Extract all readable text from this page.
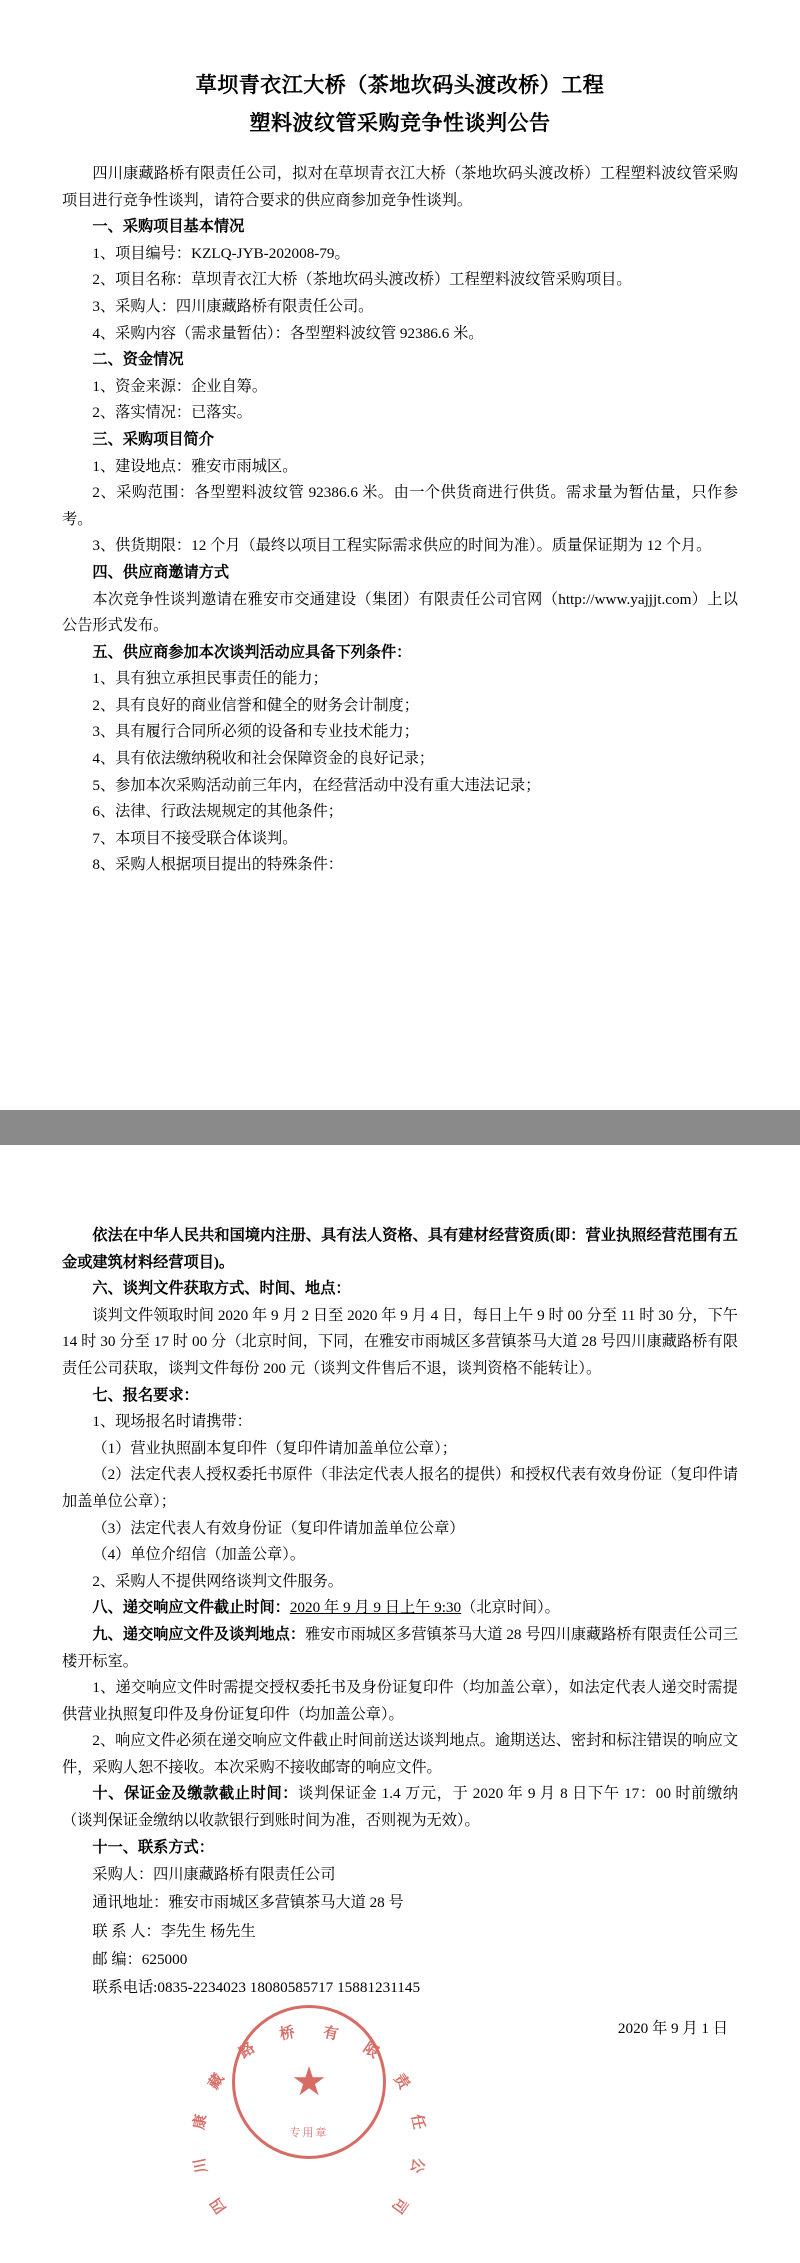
草坝青衣江大桥（茶地坎码头渡改桥）工程
塑料波纹管采购竞争性谈判公告

四川康藏路桥有限责任公司，拟对在草坝青衣江大桥（茶地坎码头渡改桥）工程塑料波纹管采购项目进行竞争性谈判，请符合要求的供应商参加竞争性谈判。

一、采购项目基本情况

1、项目编号：KZLQ-JYB-202008-79。

2、项目名称：草坝青衣江大桥（茶地坎码头渡改桥）工程塑料波纹管采购项目。

3、采购人：四川康藏路桥有限责任公司。

4、采购内容（需求量暂估）：各型塑料波纹管 92386.6 米。

二、资金情况

1、资金来源：企业自筹。

2、落实情况：已落实。

三、采购项目简介

1、建设地点：雅安市雨城区。

2、采购范围：各型塑料波纹管 92386.6 米。由一个供货商进行供货。需求量为暂估量，只作参考。

3、供货期限：12 个月（最终以项目工程实际需求供应的时间为准）。质量保证期为 12 个月。

四、供应商邀请方式

本次竞争性谈判邀请在雅安市交通建设（集团）有限责任公司官网（http://www.yajjjt.com）上以公告形式发布。

五、供应商参加本次谈判活动应具备下列条件：

1、具有独立承担民事责任的能力；

2、具有良好的商业信誉和健全的财务会计制度；

3、具有履行合同所必须的设备和专业技术能力；

4、具有依法缴纳税收和社会保障资金的良好记录；

5、参加本次采购活动前三年内，在经营活动中没有重大违法记录；

6、法律、行政法规规定的其他条件；

7、本项目不接受联合体谈判。

8、采购人根据项目提出的特殊条件：

依法在中华人民共和国境内注册、具有法人资格、具有建材经营资质(即：营业执照经营范围有五金或建筑材料经营项目)。

六、谈判文件获取方式、时间、地点：

谈判文件领取时间 2020 年 9 月 2 日至 2020 年 9 月 4 日，每日上午 9 时 00 分至 11 时 30 分，下午 14 时 30 分至 17 时 00 分（北京时间，下同，在雅安市雨城区多营镇茶马大道 28 号四川康藏路桥有限责任公司获取，谈判文件每份 200 元（谈判文件售后不退，谈判资格不能转让）。

七、报名要求：

1、现场报名时请携带：

（1）营业执照副本复印件（复印件请加盖单位公章）；

（2）法定代表人授权委托书原件（非法定代表人报名的提供）和授权代表有效身份证（复印件请加盖单位公章）；

（3）法定代表人有效身份证（复印件请加盖单位公章）

（4）单位介绍信（加盖公章）。

2、采购人不提供网络谈判文件服务。

八、递交响应文件截止时间：2020 年 9 月 9 日上午 9:30（北京时间）。

九、递交响应文件及谈判地点：雅安市雨城区多营镇茶马大道 28 号四川康藏路桥有限责任公司三楼开标室。

1、递交响应文件时需提交授权委托书及身份证复印件（均加盖公章），如法定代表人递交时需提供营业执照复印件及身份证复印件（均加盖公章）。

2、响应文件必须在递交响应文件截止时间前送达谈判地点。逾期送达、密封和标注错误的响应文件，采购人恕不接收。本次采购不接收邮寄的响应文件。

十、保证金及缴款截止时间：谈判保证金 1.4 万元，于 2020 年 9 月 8 日下午 17：00 时前缴纳（谈判保证金缴纳以收款银行到账时间为准，否则视为无效）。

十一、联系方式：

采购人：四川康藏路桥有限责任公司

通讯地址：雅安市雨城区多营镇茶马大道 28 号

联 系 人：李先生 杨先生

邮 编：625000

联系电话:0835-2234023 18080585717 15881231145

2020 年 9 月 1 日

★
四
川
康
藏
路
桥 有
限
责
任
公
司
专用章
